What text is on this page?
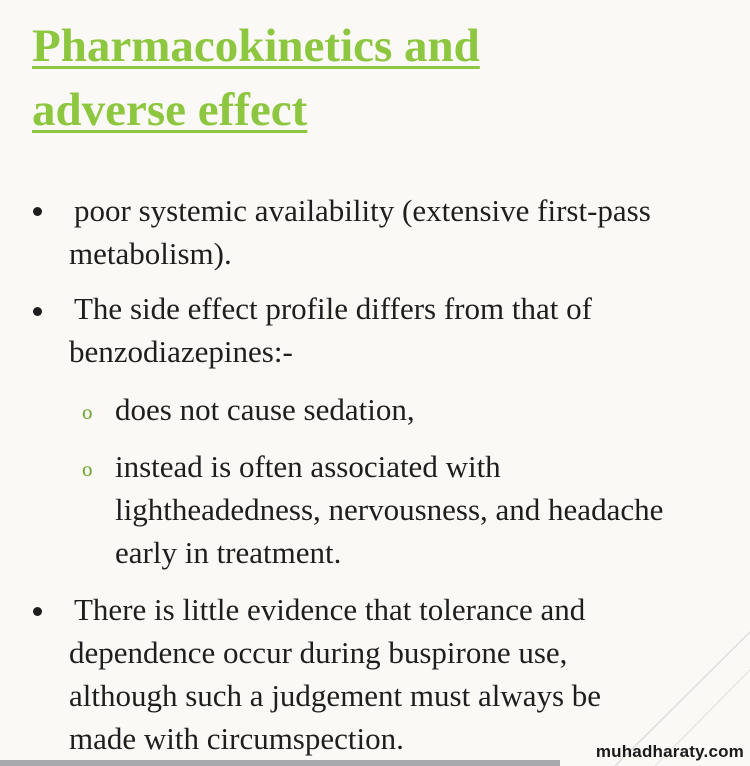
Pharmacokinetics and
adverse effect
poor systemic availability (extensive first-pass
metabolism).
The side effect profile differs from that of
benzodiazepines:-
o does not cause sedation,
o instead is often associated with
lightheadedness, nervousness, and headache
early in treatment.
There is little evidence that tolerance and
dependence occur during buspirone use,
although such a judgement must always be
made with circumspection.	muhadharaty.com
